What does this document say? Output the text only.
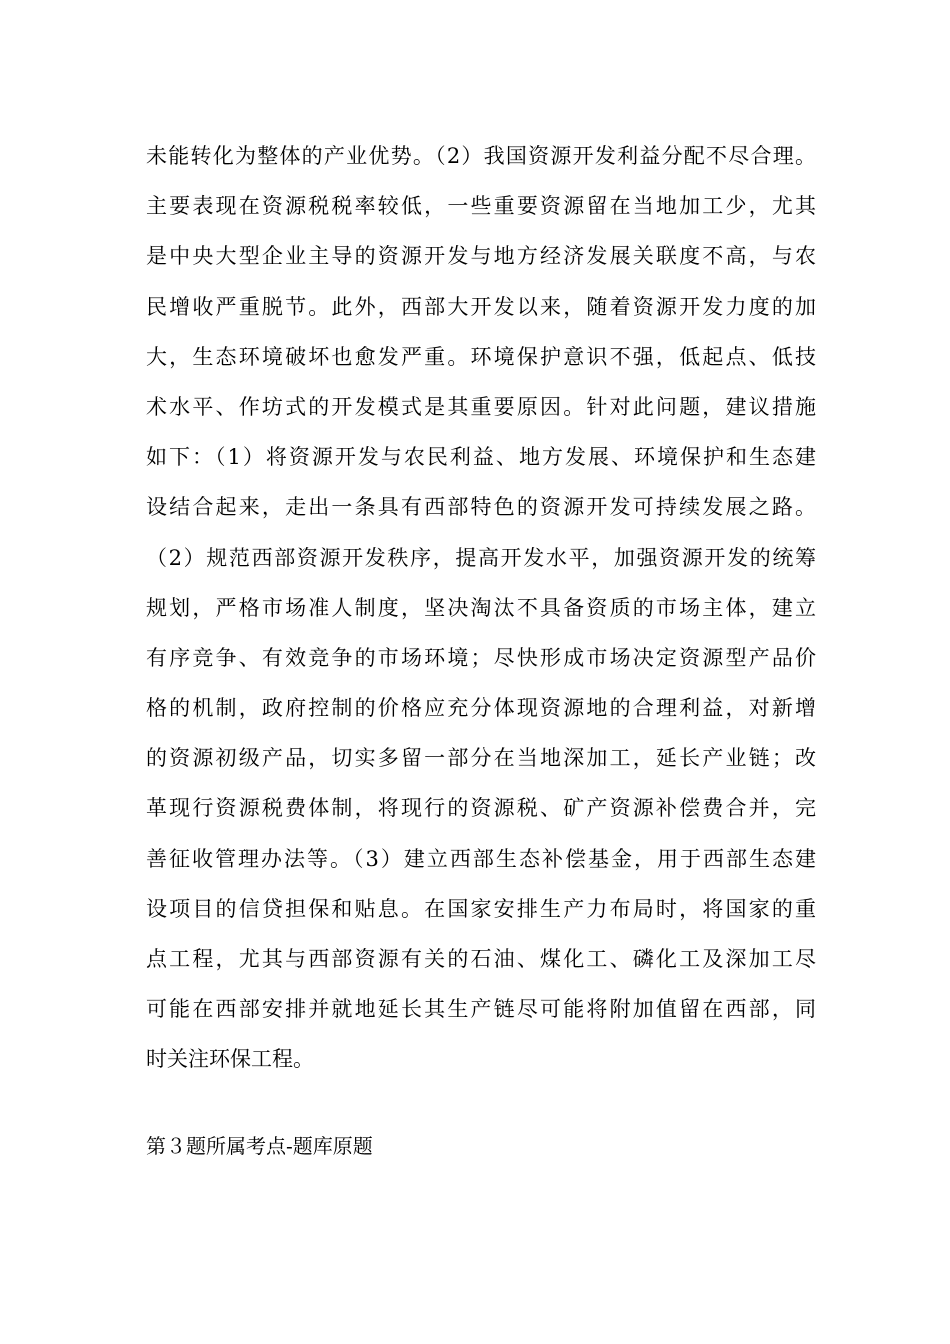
未能转化为整体的产业优势。（2）我国资源开发利益分配不尽合理。
主要表现在资源税税率较低，一些重要资源留在当地加工少，尤其
是中央大型企业主导的资源开发与地方经济发展关联度不高，与农
民增收严重脱节。此外，西部大开发以来，随着资源开发力度的加
大，生态环境破坏也愈发严重。环境保护意识不强，低起点、低技
术水平、作坊式的开发模式是其重要原因。针对此问题，建议措施
如下：（1）将资源开发与农民利益、地方发展、环境保护和生态建
设结合起来，走出一条具有西部特色的资源开发可持续发展之路。
（2）规范西部资源开发秩序，提高开发水平，加强资源开发的统筹
规划，严格市场准人制度，坚决淘汰不具备资质的市场主体，建立
有序竞争、有效竞争的市场环境；尽快形成市场决定资源型产品价
格的机制，政府控制的价格应充分体现资源地的合理利益，对新增
的资源初级产品，切实多留一部分在当地深加工，延长产业链；改
革现行资源税费体制，将现行的资源税、矿产资源补偿费合并，完
善征收管理办法等。（3）建立西部生态补偿基金，用于西部生态建
设项目的信贷担保和贴息。在国家安排生产力布局时，将国家的重
点工程，尤其与西部资源有关的石油、煤化工、磷化工及深加工尽
可能在西部安排并就地延长其生产链尽可能将附加值留在西部，同
时关注环保工程。
第３题所属考点-题库原题
